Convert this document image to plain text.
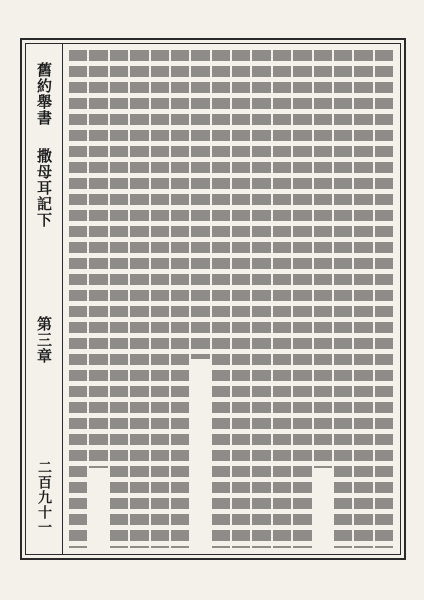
舊約舉書
撒母耳記下
第三章
二百九十一
